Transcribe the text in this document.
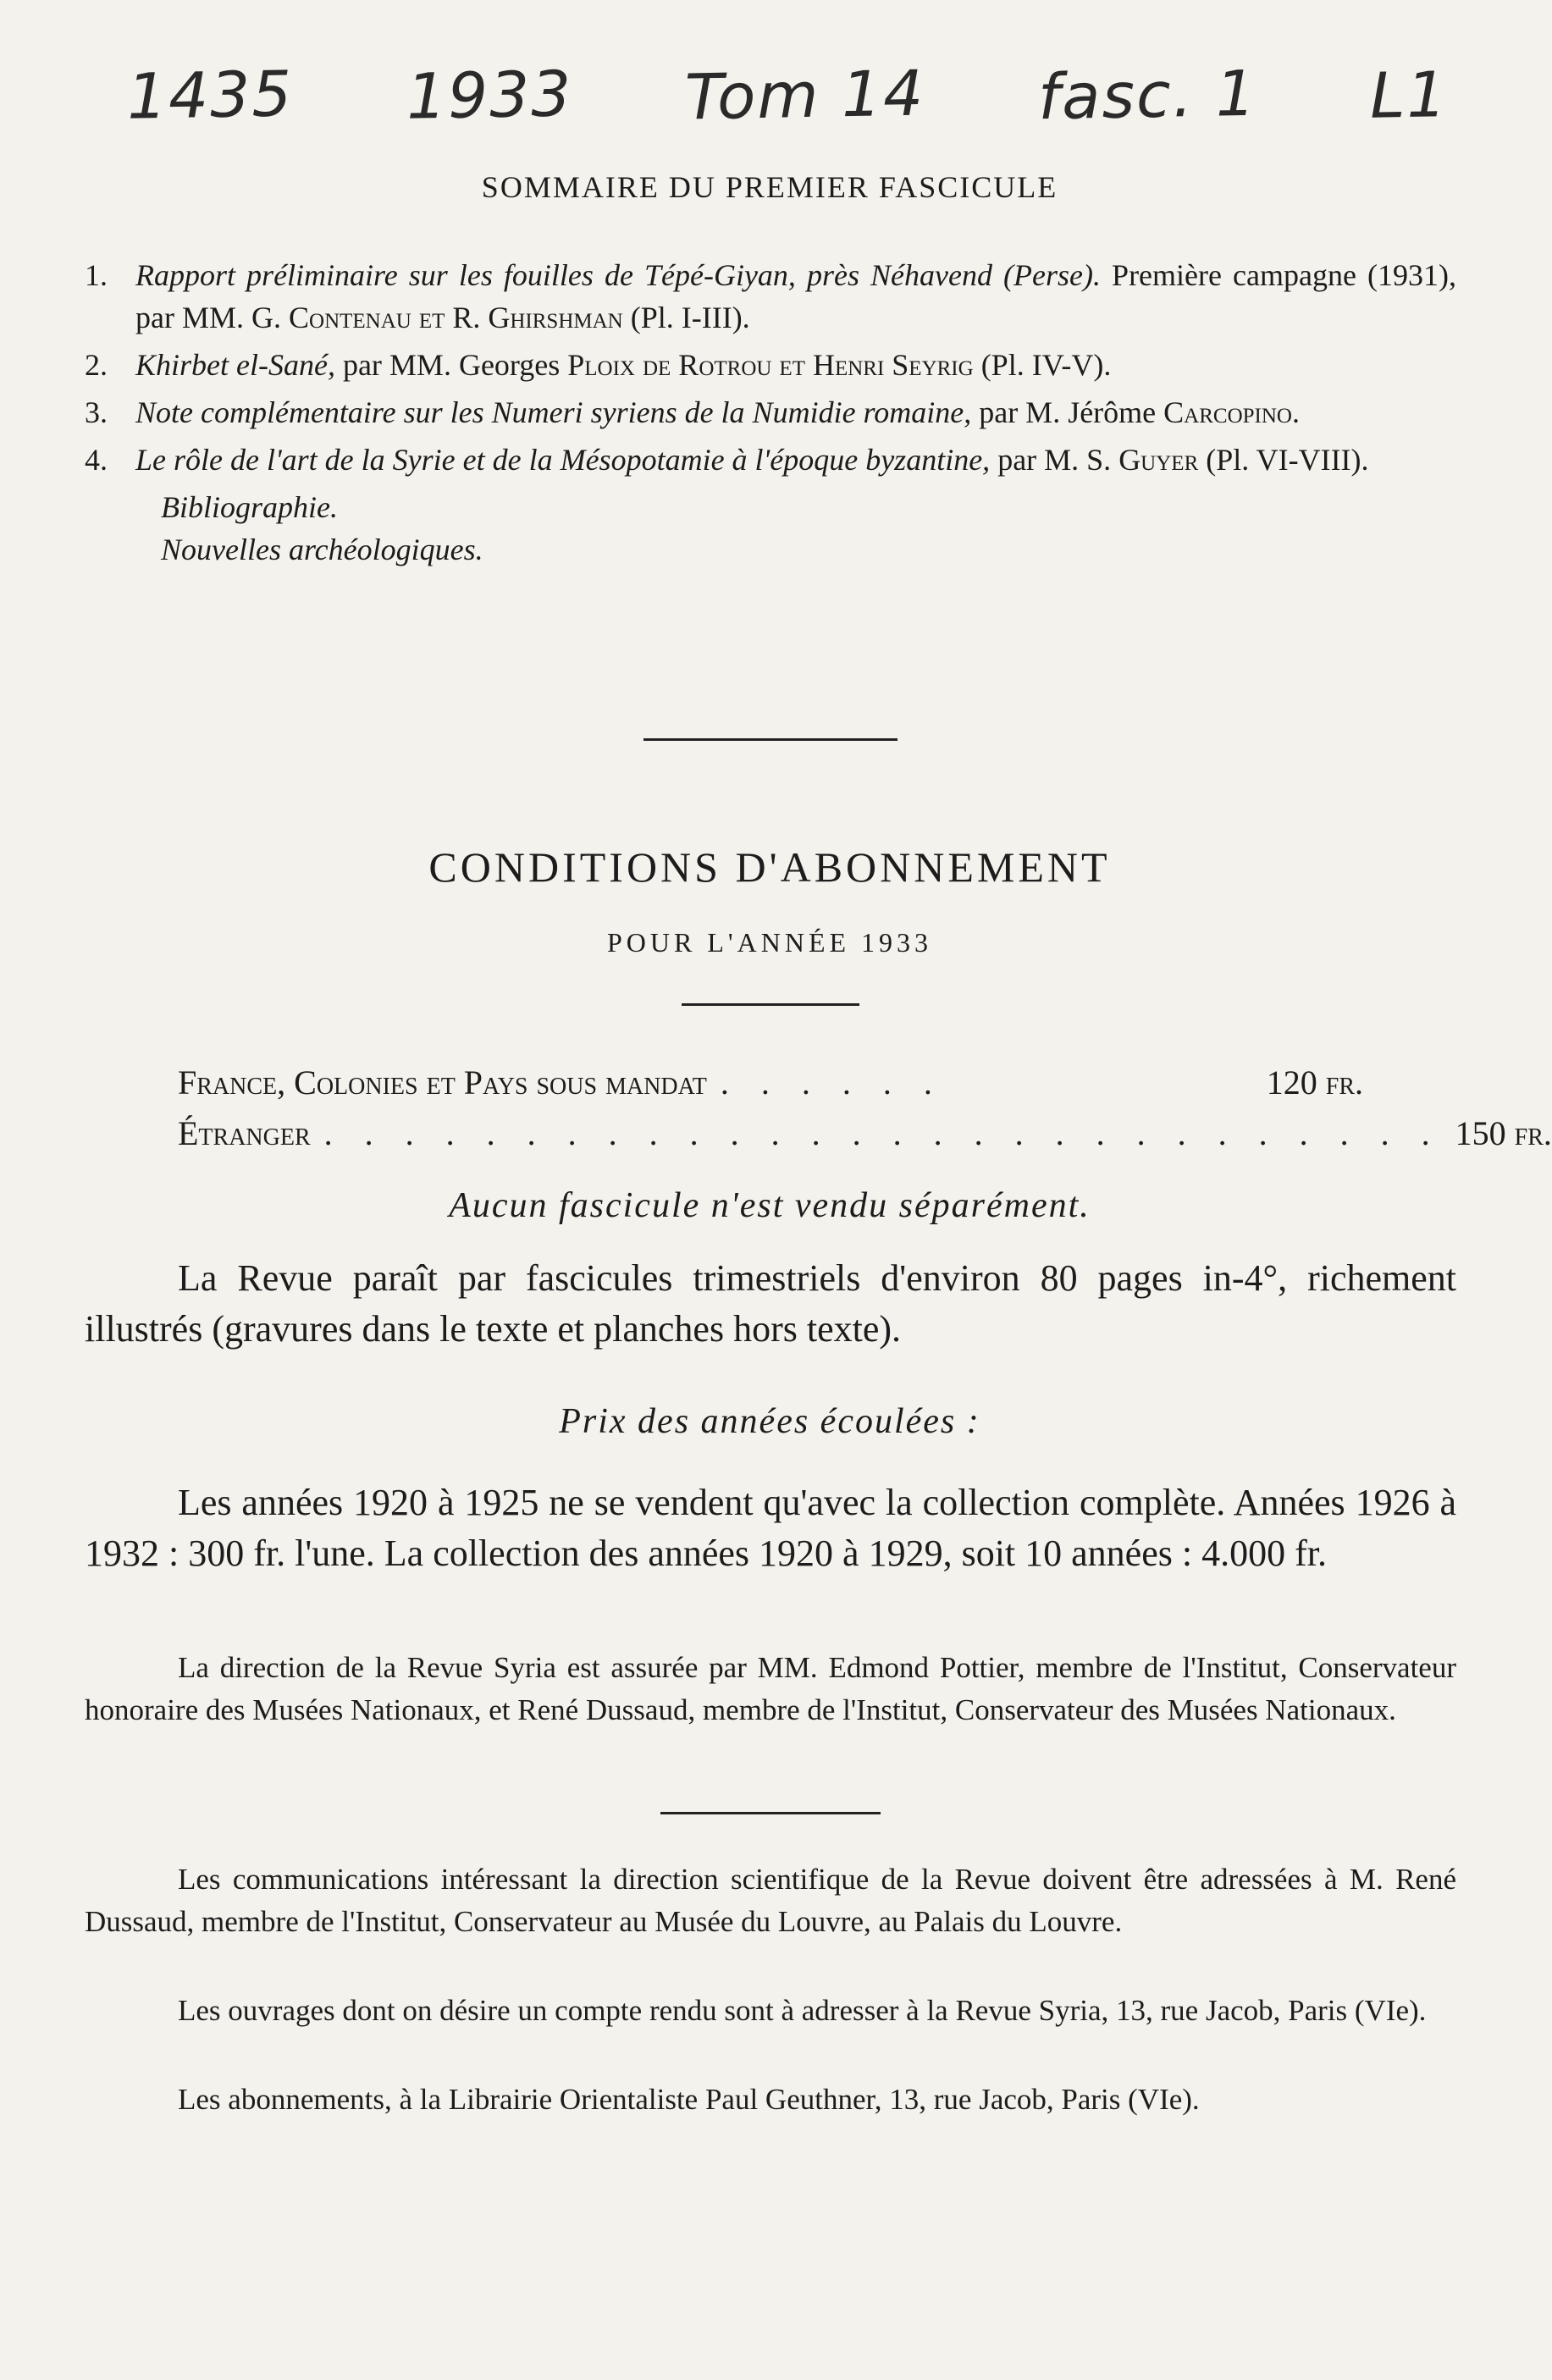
1435 1933 Tom 14 fasc. 1 L1
SOMMAIRE DU PREMIER FASCICULE
1. Rapport préliminaire sur les fouilles de Tépé-Giyan, près Néhavend (Perse). Première campagne (1931), par MM. G. Contenau et R. Ghirshman (Pl. I-III).
2. Khirbet el-Sané, par MM. Georges Ploix de Rotrou et Henri Seyrig (Pl. IV-V).
3. Note complémentaire sur les Numeri syriens de la Numidie romaine, par M. Jérôme Carcopino.
4. Le rôle de l'art de la Syrie et de la Mésopotamie à l'époque byzantine, par M. S. Guyer (Pl. VI-VIII).
Bibliographie.
Nouvelles archéologiques.
CONDITIONS D'ABONNEMENT
POUR L'ANNÉE 1933
France, Colonies et Pays sous mandat . . . . . .	120 fr.
Étranger . . . . . . . . . . . . . . . . . . . . . . . . . . . . 150 fr.
Aucun fascicule n'est vendu séparément.
La Revue paraît par fascicules trimestriels d'environ 80 pages in-4°, richement illustrés (gravures dans le texte et planches hors texte).
Prix des années écoulées :
Les années 1920 à 1925 ne se vendent qu'avec la collection complète. Années 1926 à 1932 : 300 fr. l'une. La collection des années 1920 à 1929, soit 10 années : 4.000 fr.
La direction de la Revue Syria est assurée par MM. Edmond Pottier, membre de l'Institut, Conservateur honoraire des Musées Nationaux, et René Dussaud, membre de l'Institut, Conservateur des Musées Nationaux.
Les communications intéressant la direction scientifique de la Revue doivent être adressées à M. René Dussaud, membre de l'Institut, Conservateur au Musée du Louvre, au Palais du Louvre.
Les ouvrages dont on désire un compte rendu sont à adresser à la Revue Syria, 13, rue Jacob, Paris (VIe).
Les abonnements, à la Librairie Orientaliste Paul Geuthner, 13, rue Jacob, Paris (VIe).
